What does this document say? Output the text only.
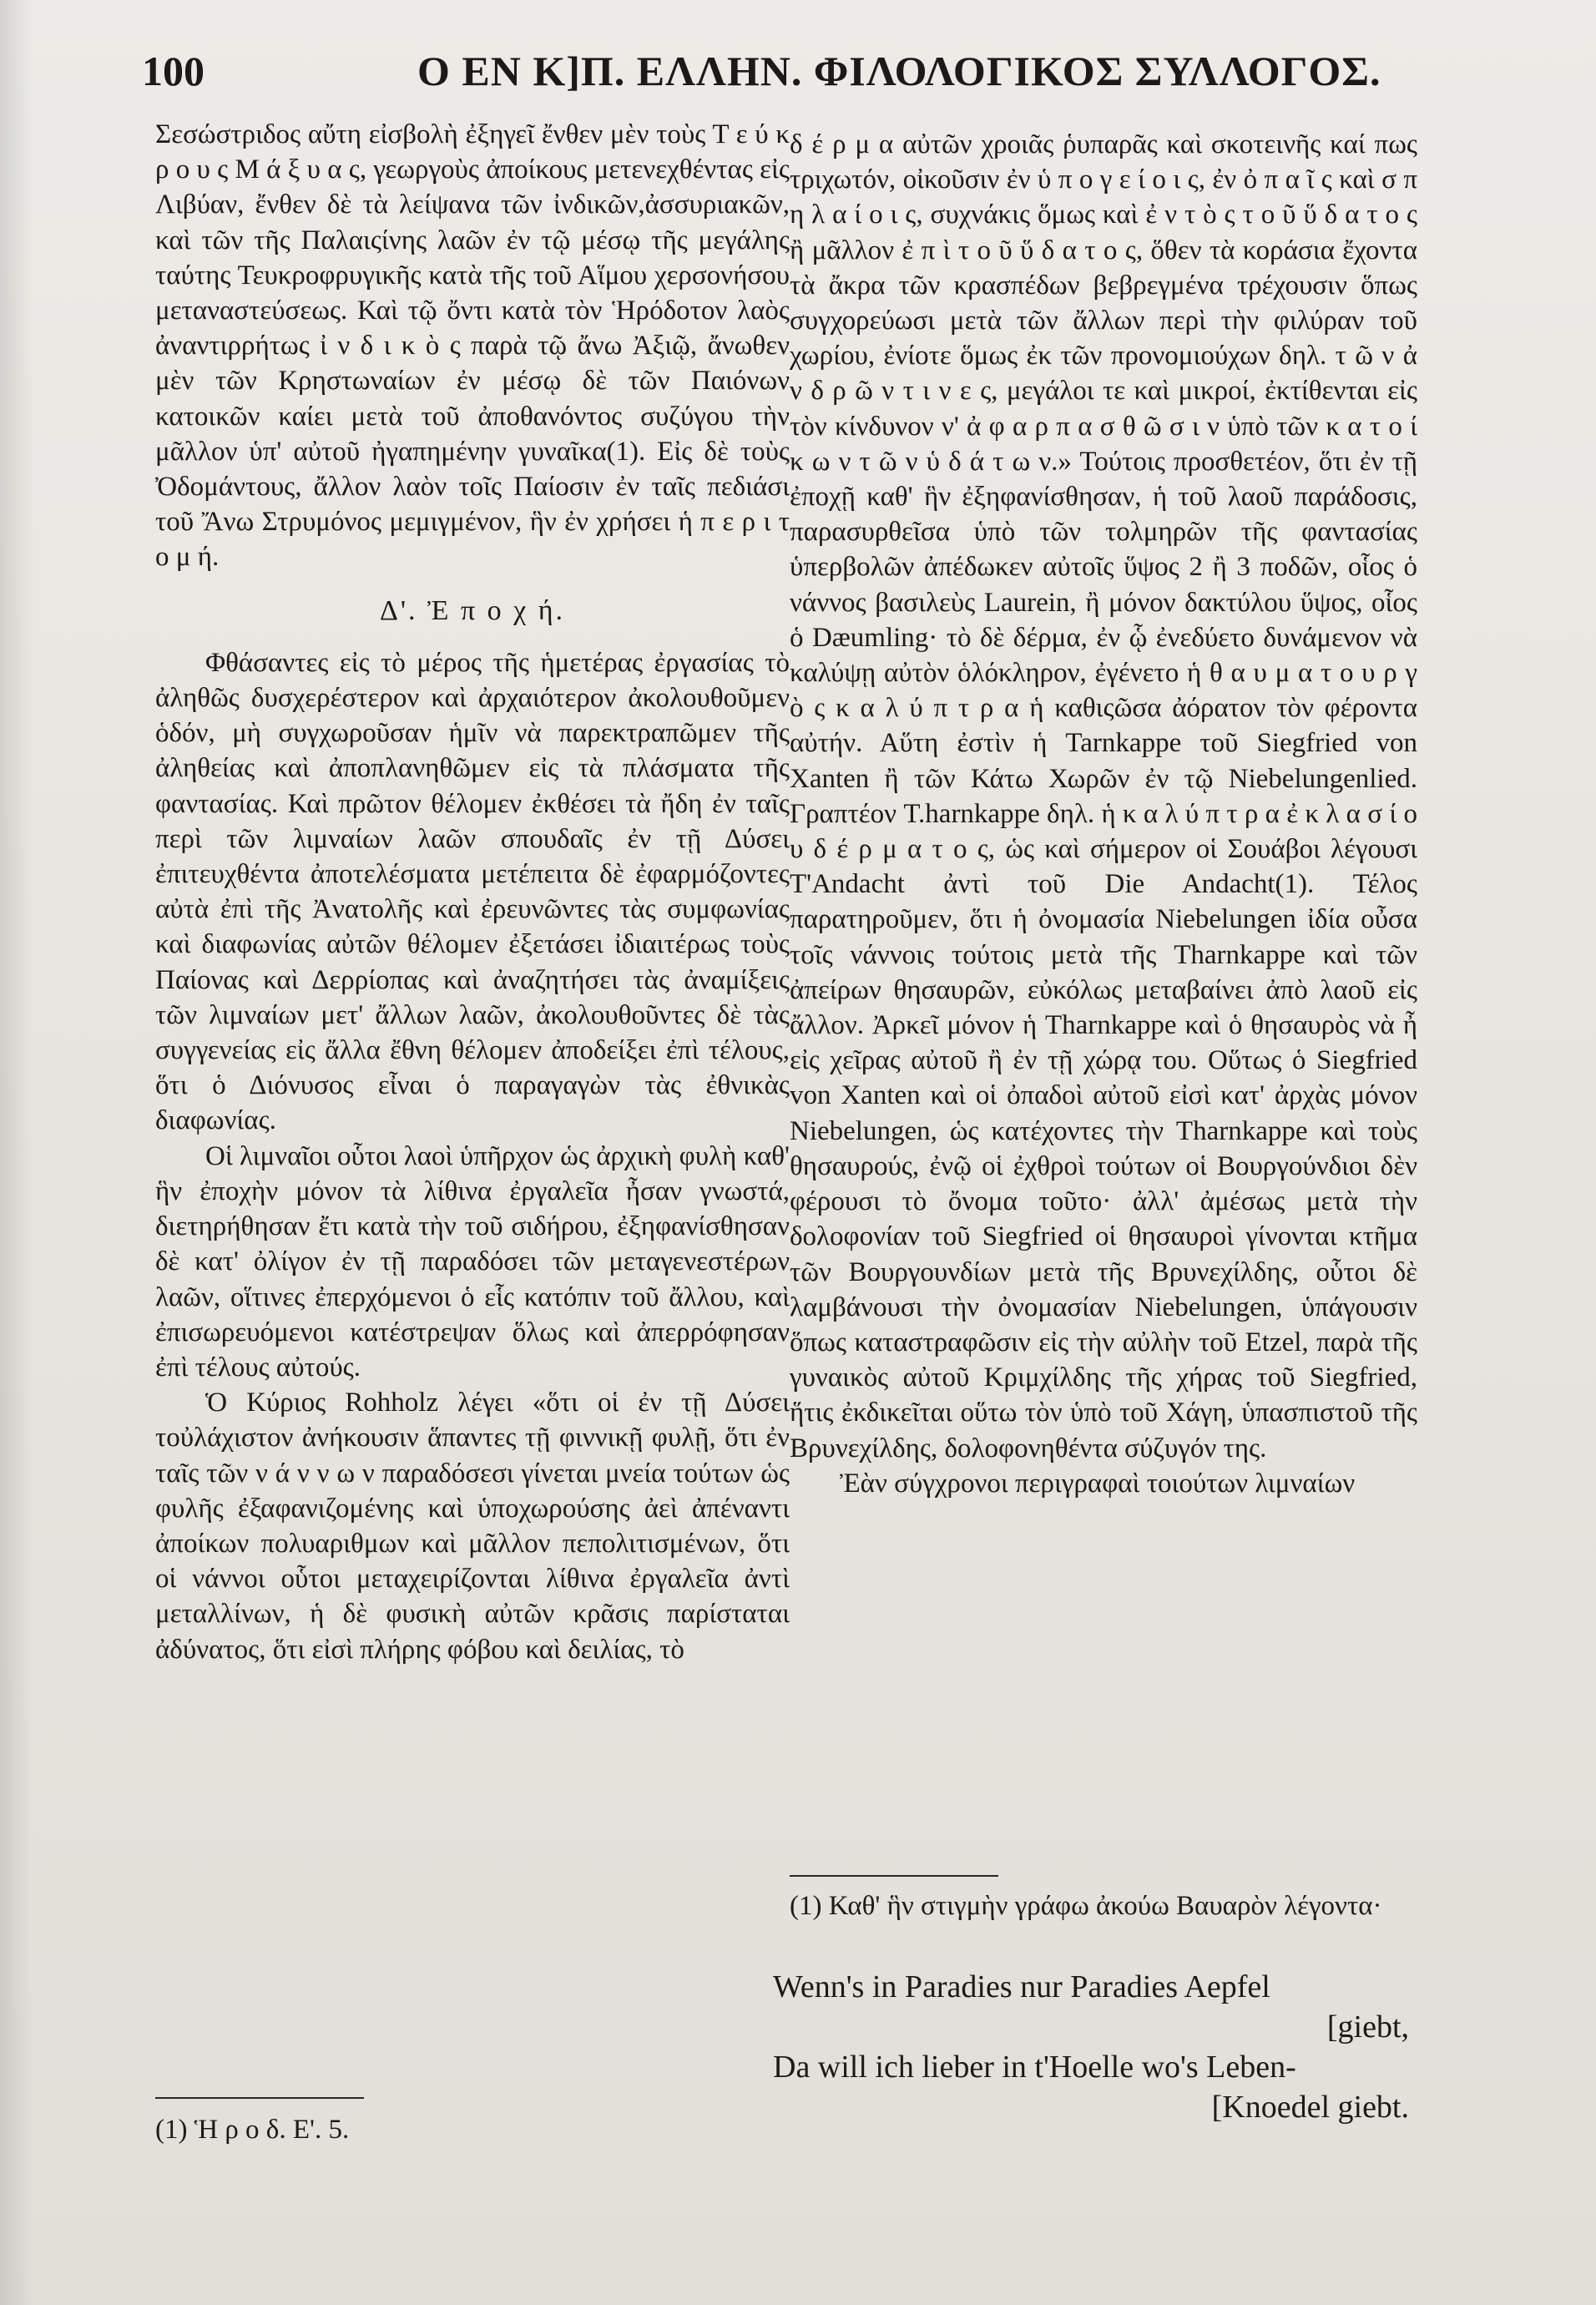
100	Ο ΕΝ Κ]Π. ΕΛΛΗΝ. ΦΙΛΟΛΟΓΙΚΟΣ ΣΥΛΛΟΓΟΣ.

Σεσώστριδος αὔτη εἰσβολὴ ἐξηγεῖ ἔνθεν μὲν τοὺς Τ ε ύ κ ρ ο υ ς Μ ά ξ υ α ς, γεωργοὺς ἀποίκους μετενεχθέντας εἰς Λιβύαν, ἔνθεν δὲ τὰ λείψανα τῶν ἰνδικῶν,ἀσσυριακῶν, καὶ τῶν τῆς Παλαιςίνης λαῶν ἐν τῷ μέσῳ τῆς μεγάλης ταύτης Τευκροφρυγικῆς κατὰ τῆς τοῦ Αἵμου χερσονήσου μεταναστεύσεως. Καὶ τῷ ὄντι κατὰ τὸν Ἡρόδοτον λαὸς ἀναντιρρήτως ἰ ν δ ι κ ὸ ς παρὰ τῷ ἄνω Ἀξιῷ, ἄνωθεν μὲν τῶν Κρηστωναίων ἐν μέσῳ δὲ τῶν Παιόνων κατοικῶν καίει μετὰ τοῦ ἀποθανόντος συζύγου τὴν μᾶλλον ὑπ' αὐτοῦ ἠγαπημένην γυναῖκα(1). Εἰς δὲ τοὺς Ὀδομάντους, ἄλλον λαὸν τοῖς Παίοσιν ἐν ταῖς πεδιάσι τοῦ Ἄνω Στρυμόνος μεμιγμένον, ἣν ἐν χρήσει ἡ π ε ρ ι τ ο μ ή.

Δ'. Ἐ π ο χ ή.

Φθάσαντες εἰς τὸ μέρος τῆς ἡμετέρας ἐργασίας τὸ ἀληθῶς δυσχερέστερον καὶ ἀρχαιότερον ἀκολουθοῦμεν ὁδόν, μὴ συγχωροῦσαν ἡμῖν νὰ παρεκτραπῶμεν τῆς ἀληθείας καὶ ἀποπλανηθῶμεν εἰς τὰ πλάσματα τῆς φαντασίας. Καὶ πρῶτον θέλομεν ἐκθέσει τὰ ἤδη ἐν ταῖς περὶ τῶν λιμναίων λαῶν σπουδαῖς ἐν τῇ Δύσει ἐπιτευχθέντα ἀποτελέσματα μετέπειτα δὲ ἐφαρμόζοντες αὐτὰ ἐπὶ τῆς Ἀνατολῆς καὶ ἐρευνῶντες τὰς συμφωνίας καὶ διαφωνίας αὐτῶν θέλομεν ἐξετάσει ἰδιαιτέρως τοὺς Παίονας καὶ Δερρίοπας καὶ ἀναζητήσει τὰς ἀναμίξεις τῶν λιμναίων μετ' ἄλλων λαῶν, ἀκολουθοῦντες δὲ τὰς συγγενείας εἰς ἄλλα ἔθνη θέλομεν ἀποδείξει ἐπὶ τέλους, ὅτι ὁ Διόνυσος εἶναι ὁ παραγαγὼν τὰς ἐθνικὰς διαφωνίας.

Οἱ λιμναῖοι οὗτοι λαοὶ ὑπῆρχον ὡς ἀρχικὴ φυλὴ καθ' ἣν ἐποχὴν μόνον τὰ λίθινα ἐργαλεῖα ἦσαν γνωστά, διετηρήθησαν ἔτι κατὰ τὴν τοῦ σιδήρου, ἐξηφανίσθησαν δὲ κατ' ὀλίγον ἐν τῇ παραδόσει τῶν μεταγενεστέρων λαῶν, οἵτινες ἐπερχόμενοι ὁ εἷς κατόπιν τοῦ ἄλλου, καὶ ἐπισωρευόμενοι κατέστρεψαν ὅλως καὶ ἀπερρόφησαν ἐπὶ τέλους αὐτούς.

Ὁ Κύριος Rohholz λέγει «ὅτι οἱ ἐν τῇ Δύσει τοὐλάχιστον ἀνήκουσιν ἅπαντες τῇ φιννικῇ φυλῇ, ὅτι ἐν ταῖς τῶν ν ά ν ν ω ν παραδόσεσι γίνεται μνεία τούτων ὡς φυλῆς ἐξαφανιζομένης καὶ ὑποχωρούσης ἀεὶ ἀπέναντι ἀποίκων πολυαριθμων καὶ μᾶλλον πεπολιτισμένων, ὅτι οἱ νάννοι οὗτοι μεταχειρίζονται λίθινα ἐργαλεῖα ἀντὶ μεταλλίνων, ἡ δὲ φυσικὴ αὐτῶν κρᾶσις παρίσταται ἀδύνατος, ὅτι εἰσὶ πλήρης φόβου καὶ δειλίας, τὸ

(1) Ἡ ρ ο δ. Ε'. 5.

δ έ ρ μ α αὐτῶν χροιᾶς ῥυπαρᾶς καὶ σκοτεινῆς καί πως τριχωτόν, οἰκοῦσιν ἐν ὑ π ο γ ε ί ο ι ς, ἐν ὀ π α ῖ ς καὶ σ π η λ α ί ο ι ς, συχνάκις ὅμως καὶ ἐ ν τ ὸ ς τ ο ῦ ὕ δ α τ ο ς ἢ μᾶλλον ἐ π ὶ τ ο ῦ ὕ δ α τ ο ς, ὅθεν τὰ κοράσια ἔχοντα τὰ ἄκρα τῶν κρασπέδων βεβρεγμένα τρέχουσιν ὅπως συγχορεύωσι μετὰ τῶν ἄλλων περὶ τὴν φιλύραν τοῦ χωρίου, ἐνίοτε ὅμως ἐκ τῶν προνομιούχων δηλ. τ ῶ ν ἀ ν δ ρ ῶ ν τ ι ν ε ς, μεγάλοι τε καὶ μικροί, ἐκτίθενται εἰς τὸν κίνδυνον ν' ἀ φ α ρ π α σ θ ῶ σ ι ν ὑπὸ τῶν κ α τ ο ί κ ω ν τ ῶ ν ὑ δ ά τ ω ν.» Τούτοις προσθετέον, ὅτι ἐν τῇ ἐποχῇ καθ' ἣν ἐξηφανίσθησαν, ἡ τοῦ λαοῦ παράδοσις, παρασυρθεῖσα ὑπὸ τῶν τολμηρῶν τῆς φαντασίας ὑπερβολῶν ἀπέδωκεν αὐτοῖς ὕψος 2 ἢ 3 ποδῶν, οἷος ὁ νάννος βασιλεὺς Laurein, ἢ μόνον δακτύλου ὕψος, οἷος ὁ Dæumling· τὸ δὲ δέρμα, ἐν ᾧ ἐνεδύετο δυνάμενον νὰ καλύψῃ αὐτὸν ὁλόκληρον, ἐγένετο ἡ θ α υ μ α τ ο υ ρ γ ὸ ς κ α λ ύ π τ ρ α ἡ καθιςῶσα ἀόρατον τὸν φέροντα αὐτήν. Αὕτη ἐστὶν ἡ Tarnkappe τοῦ Siegfried von Xanten ἢ τῶν Κάτω Χωρῶν ἐν τῷ Niebelungenlied. Γραπτέον T.harnkappe δηλ. ἡ κ α λ ύ π τ ρ α ἐ κ λ α σ ί ο υ δ έ ρ μ α τ ο ς, ὡς καὶ σήμερον οἱ Σουάβοι λέγουσι T'Andacht ἀντὶ τοῦ Die Andacht(1). Τέλος παρατηροῦμεν, ὅτι ἡ ὀνομασία Niebelungen ἰδία οὖσα τοῖς νάννοις τούτοις μετὰ τῆς Tharnkappe καὶ τῶν ἀπείρων θησαυρῶν, εὐκόλως μεταβαίνει ἀπὸ λαοῦ εἰς ἄλλον. Ἀρκεῖ μόνον ἡ Tharnkappe καὶ ὁ θησαυρὸς νὰ ἦ εἰς χεῖρας αὐτοῦ ἢ ἐν τῇ χώρᾳ του. Οὕτως ὁ Siegfried von Xanten καὶ οἱ ὀπαδοὶ αὐτοῦ εἰσὶ κατ' ἀρχὰς μόνον Niebelungen, ὡς κατέχοντες τὴν Tharnkappe καὶ τοὺς θησαυρούς, ἐνῷ οἱ ἐχθροὶ τούτων οἱ Βουργούνδιοι δὲν φέρουσι τὸ ὄνομα τοῦτο· ἀλλ' ἀμέσως μετὰ τὴν δολοφονίαν τοῦ Siegfried οἱ θησαυροὶ γίνονται κτῆμα τῶν Βουργουνδίων μετὰ τῆς Βρυνεχίλδης, οὗτοι δὲ λαμβάνουσι τὴν ὀνομασίαν Niebelungen, ὑπάγουσιν ὅπως καταστραφῶσιν εἰς τὴν αὐλὴν τοῦ Etzel, παρὰ τῆς γυναικὸς αὐτοῦ Κριμχίλδης τῆς χήρας τοῦ Siegfried, ἥτις ἐκδικεῖται οὕτω τὸν ὑπὸ τοῦ Χάγη, ὑπασπιστοῦ τῆς Βρυνεχίλδης, δολοφονηθέντα σύζυγόν της.

Ἐὰν σύγχρονοι περιγραφαὶ τοιούτων λιμναίων

(1) Καθ' ἣν στιγμὴν γράφω ἀκούω Βαυαρὸν λέγοντα·
Wenn's in Paradies nur Paradies Aepfel
[giebt,
Da will ich lieber in t'Hoelle wo's Leben-
[Knoedel giebt.
